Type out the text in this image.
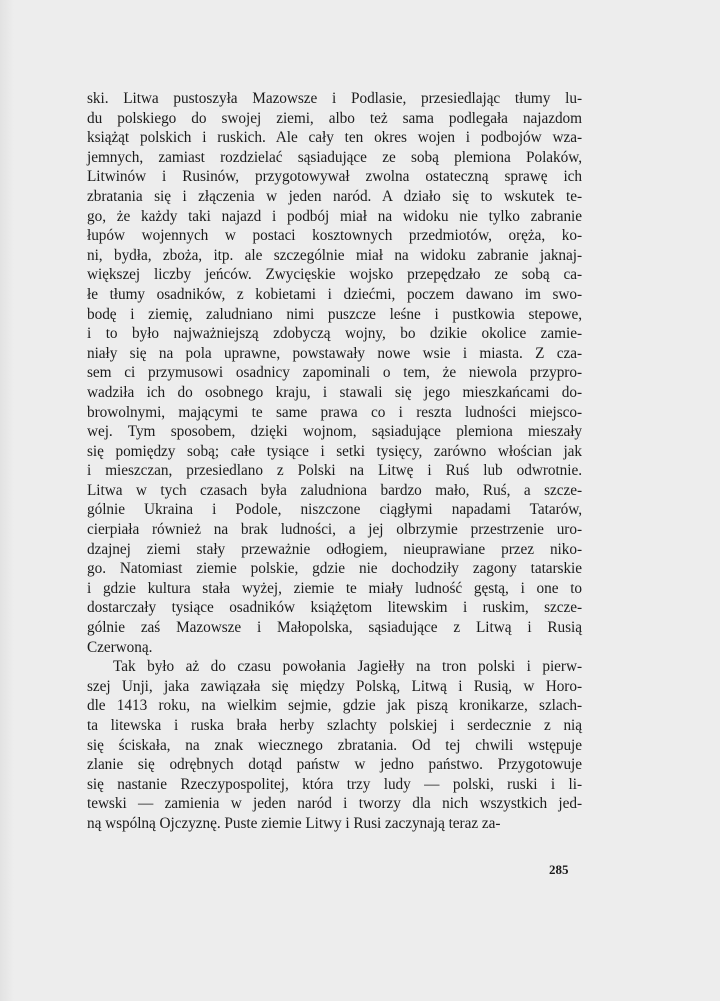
ski. Litwa pustoszyła Mazowsze i Podlasie, przesiedlając tłumy lu-
du polskiego do swojej ziemi, albo też sama podlegała najazdom
książąt polskich i ruskich. Ale cały ten okres wojen i podbojów wza-
jemnych, zamiast rozdzielać sąsiadujące ze sobą plemiona Polaków,
Litwinów i Rusinów, przygotowywał zwolna ostateczną sprawę ich
zbratania się i złączenia w jeden naród. A działo się to wskutek te-
go, że każdy taki najazd i podbój miał na widoku nie tylko zabranie
łupów wojennych w postaci kosztownych przedmiotów, oręża, ko-
ni, bydła, zboża, itp. ale szczególnie miał na widoku zabranie jaknaj-
większej liczby jeńców. Zwycięskie wojsko przepędzało ze sobą ca-
łe tłumy osadników, z kobietami i dziećmi, poczem dawano im swo-
bodę i ziemię, zaludniano nimi puszcze leśne i pustkowia stepowe,
i to było najważniejszą zdobyczą wojny, bo dzikie okolice zamie-
niały się na pola uprawne, powstawały nowe wsie i miasta. Z cza-
sem ci przymusowi osadnicy zapominali o tem, że niewola przypro-
wadziła ich do osobnego kraju, i stawali się jego mieszkańcami do-
browolnymi, mającymi te same prawa co i reszta ludności miejsco-
wej. Tym sposobem, dzięki wojnom, sąsiadujące plemiona mieszały
się pomiędzy sobą; całe tysiące i setki tysięcy, zarówno włościan jak
i mieszczan, przesiedlano z Polski na Litwę i Ruś lub odwrotnie.
Litwa w tych czasach była zaludniona bardzo mało, Ruś, a szcze-
gólnie Ukraina i Podole, niszczone ciągłymi napadami Tatarów,
cierpiała również na brak ludności, a jej olbrzymie przestrzenie uro-
dzajnej ziemi stały przeważnie odłogiem, nieuprawiane przez niko-
go. Natomiast ziemie polskie, gdzie nie dochodziły zagony tatarskie
i gdzie kultura stała wyżej, ziemie te miały ludność gęstą, i one to
dostarczały tysiące osadników książętom litewskim i ruskim, szcze-
gólnie zaś Mazowsze i Małopolska, sąsiadujące z Litwą i Rusią
Czerwoną.
Tak było aż do czasu powołania Jagiełły na tron polski i pierw-
szej Unji, jaka zawiązała się między Polską, Litwą i Rusią, w Horo-
dle 1413 roku, na wielkim sejmie, gdzie jak piszą kronikarze, szlach-
ta litewska i ruska brała herby szlachty polskiej i serdecznie z nią
się ściskała, na znak wiecznego zbratania. Od tej chwili wstępuje
zlanie się odrębnych dotąd państw w jedno państwo. Przygotowuje
się nastanie Rzeczypospolitej, która trzy ludy — polski, ruski i li-
tewski — zamienia w jeden naród i tworzy dla nich wszystkich jed-
ną wspólną Ojczyznę. Puste ziemie Litwy i Rusi zaczynają teraz za-
285
